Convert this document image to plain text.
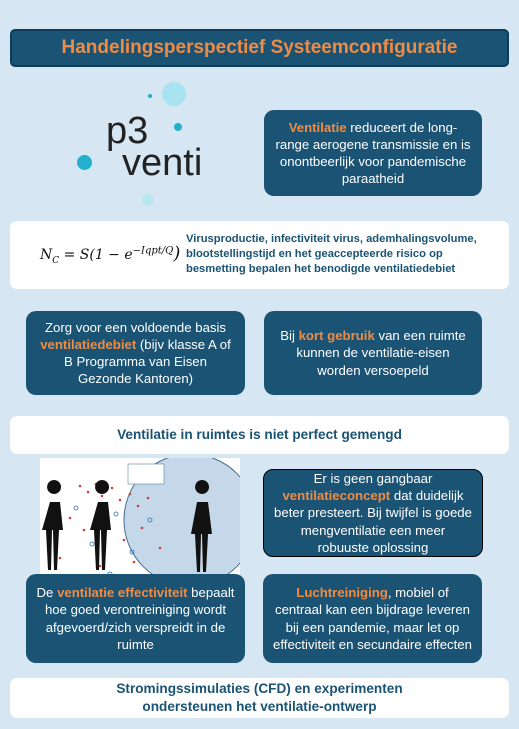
Handelingsperspectief Systeemconfiguratie
p3
venti
Ventilatie reduceert de long-range aerogene transmissie en is onontbeerlijk voor pandemische paraatheid
$N_C = S(1 - e^{-Iqpt/Q})$
Virusproductie, infectiviteit virus, ademhalingsvolume, blootstellingstijd en het geaccepteerde risico op besmetting bepalen het benodigde ventilatiedebiet
Zorg voor een voldoende basis ventilatiedebiet (bijv klasse A of B Programma van Eisen Gezonde Kantoren)
Bij kort gebruik van een ruimte kunnen de ventilatie-eisen worden versoepeld
Ventilatie in ruimtes is niet perfect gemengd
Er is geen gangbaar ventilatieconcept dat duidelijk beter presteert. Bij twijfel is goede mengventilatie een meer robuuste oplossing
De ventilatie effectiviteit bepaalt hoe goed verontreiniging wordt afgevoerd/zich verspreidt in de ruimte
Luchtreiniging, mobiel of centraal kan een bijdrage leveren bij een pandemie, maar let op effectiviteit en secundaire effecten
Stromingssimulaties (CFD) en experimenten ondersteunen het ventilatie-ontwerp
